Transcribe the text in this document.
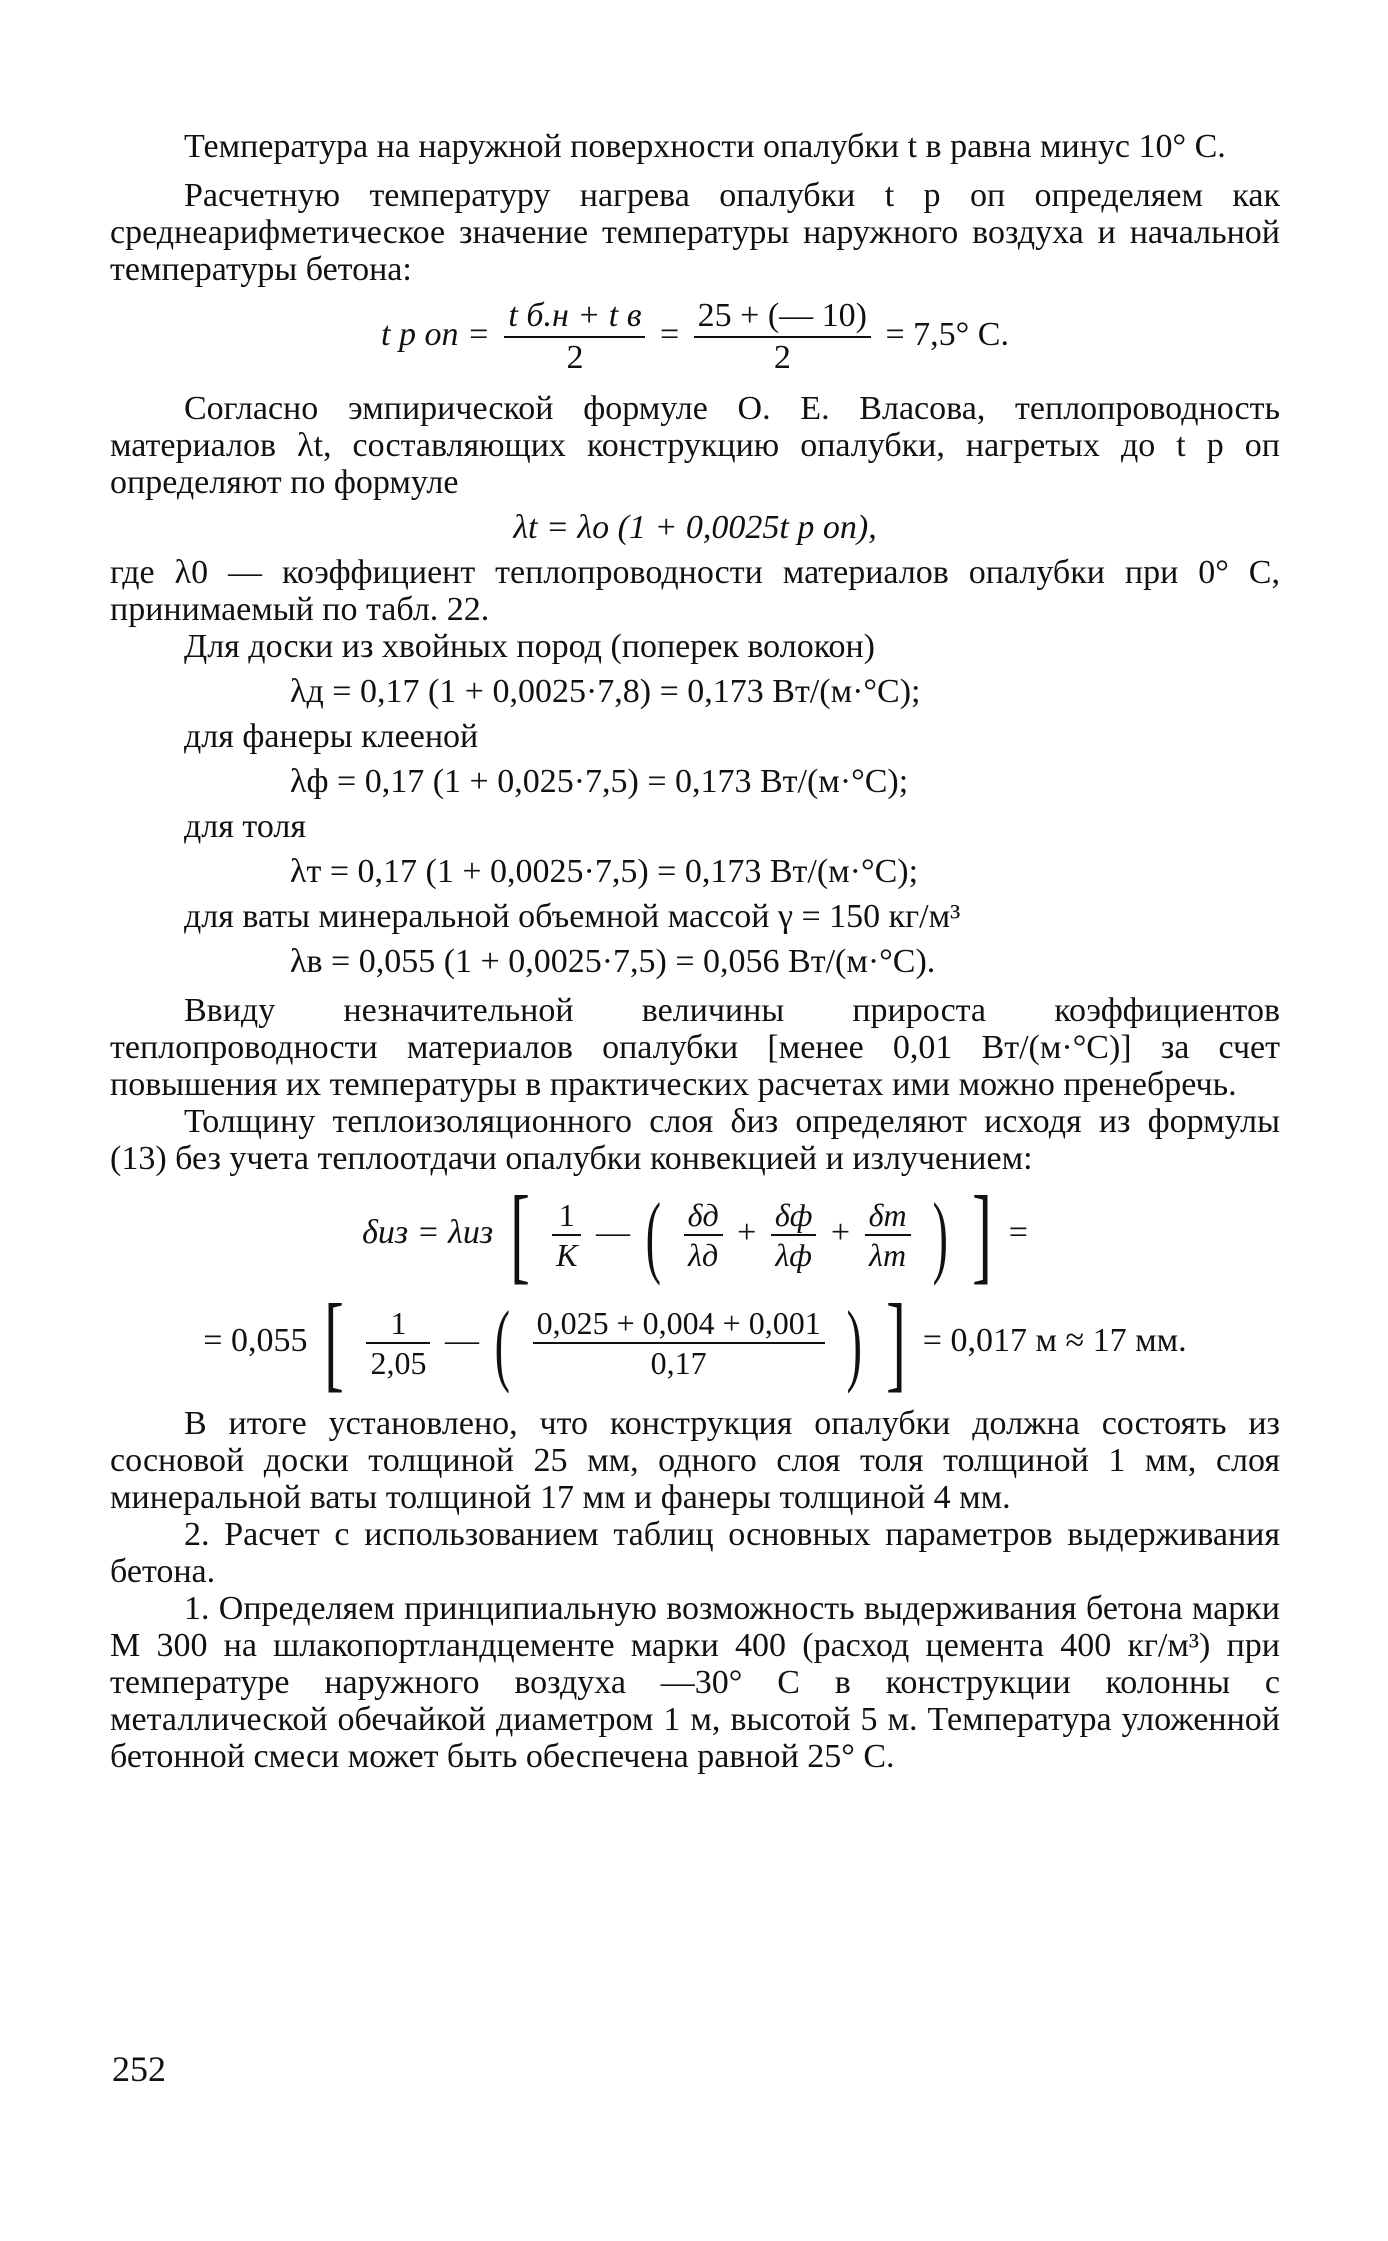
Температура на наружной поверхности опалубки t в равна минус 10° С.

Расчетную температуру нагрева опалубки t р оп определяем как среднеарифметическое значение температуры наружного воздуха и начальной температуры бетона:

t р оп = $\frac{\text{t б.н + t в}}{2} = \frac{25 + (— 10)}{2} = 7,5^\circ$ С.

Согласно эмпирической формуле О. Е. Власова, теплопроводность материалов λt, составляющих конструкцию опалубки, нагретых до t р оп определяют по формуле

λt = λo (1 + 0,0025t р оп),

где λ0 — коэффициент теплопроводности материалов опалубки при 0° С, принимаемый по табл. 22.

Для доски из хвойных пород (поперек волокон)

λд = 0,17 (1 + 0,0025·7,8) = 0,173 Вт/(м·°С);

для фанеры клееной

λф = 0,17 (1 + 0,025·7,5) = 0,173 Вт/(м·°С);

для толя

λт = 0,17 (1 + 0,0025·7,5) = 0,173 Вт/(м·°С);

для ваты минеральной объемной массой γ = 150 кг/м³

λв = 0,055 (1 + 0,0025·7,5) = 0,056 Вт/(м·°С).

Ввиду незначительной величины прироста коэффициентов теплопроводности материалов опалубки [менее 0,01 Вт/(м·°С)] за счет повышения их температуры в практических расчетах ими можно пренебречь.

Толщину теплоизоляционного слоя δиз определяют исходя из формулы (13) без учета теплоотдачи опалубки конвекцией и излучением:

δиз = λиз [ $\frac{1}{K}$ — ( $\frac{\delta д}{\lambda д} + \frac{\delta ф}{\lambda ф} + \frac{\delta т}{\lambda т}$ ) ] =
= 0,055 [ $\frac{1}{2,05}$ — ( $\frac{0,025 + 0,004 + 0,001}{0,17}$ ) ] = 0,017 м ≈ 17 мм.

В итоге установлено, что конструкция опалубки должна состоять из сосновой доски толщиной 25 мм, одного слоя толя толщиной 1 мм, слоя минеральной ваты толщиной 17 мм и фанеры толщиной 4 мм.

2. Расчет с использованием таблиц основных параметров выдерживания бетона.

1. Определяем принципиальную возможность выдерживания бетона марки М 300 на шлакопортландцементе марки 400 (расход цемента 400 кг/м³) при температуре наружного воздуха —30° С в конструкции колонны с металлической обечайкой диаметром 1 м, высотой 5 м. Температура уложенной бетонной смеси может быть обеспечена равной 25° С.

252
